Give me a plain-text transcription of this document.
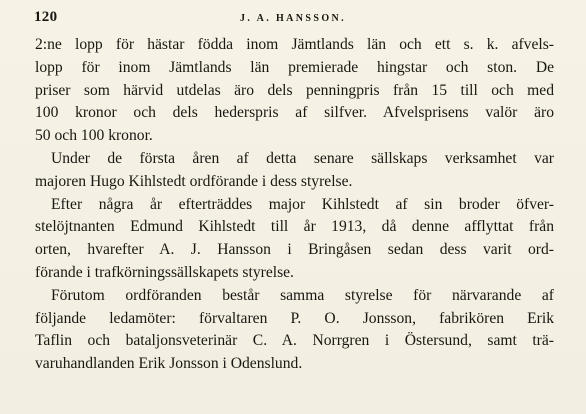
120	J. A. HANSSON.

2:ne lopp för hästar födda inom Jämtlands län och ett s. k. afvels-
lopp för inom Jämtlands län premierade hingstar och ston. De
priser som härvid utdelas äro dels penningpris från 15 till och med
100 kronor och dels hederspris af silfver. Afvelsprisens valör äro
50 och 100 kronor.

Under de första åren af detta senare sällskaps verksamhet var
majoren Hugo Kihlstedt ordförande i dess styrelse.

Efter några år efterträddes major Kihlstedt af sin broder öfver-
stelöjtnanten Edmund Kihlstedt till år 1913, då denne afflyttat från
orten, hvarefter A. J. Hansson i Bringåsen sedan dess varit ord-
förande i trafkörningssällskapets styrelse.

Förutom ordföranden består samma styrelse för närvarande af
följande ledamöter: förvaltaren P. O. Jonsson, fabrikören Erik
Taflin och bataljonsveterinär C. A. Norrgren i Östersund, samt trä-
varuhandlanden Erik Jonsson i Odenslund.
